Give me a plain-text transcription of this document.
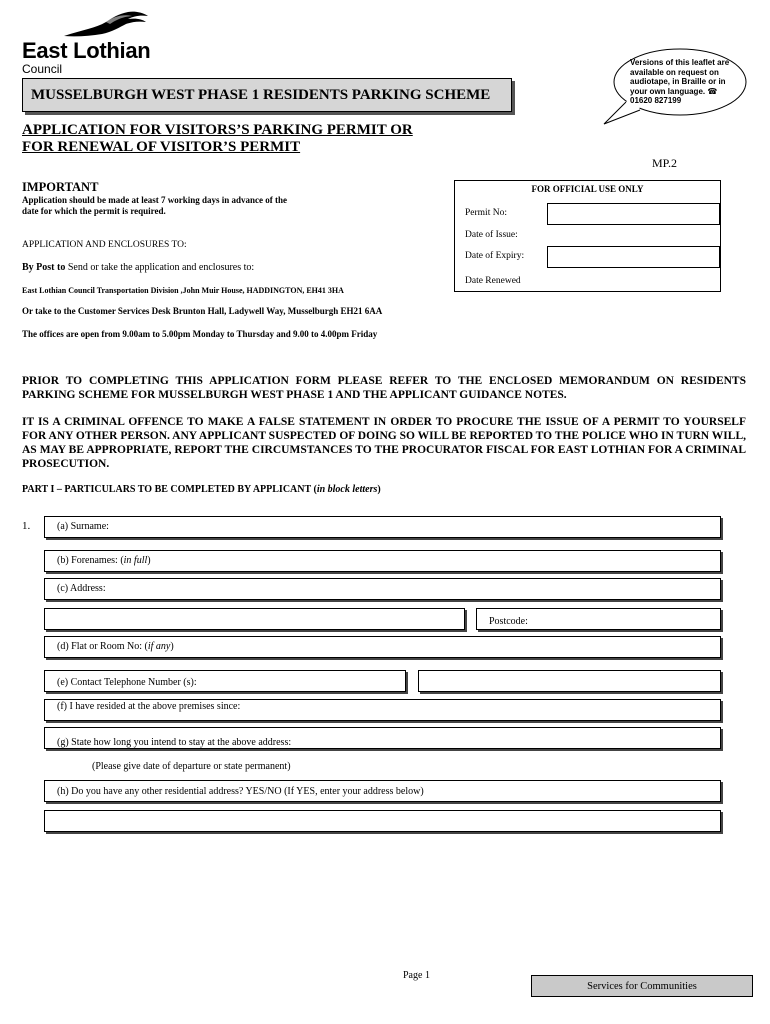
East Lothian
Council	Versions of this leaflet are available on request on audiotape, in Braille or in your own language. ☎ 01620 827199
MUSSELBURGH WEST PHASE 1 RESIDENTS PARKING SCHEME
APPLICATION FOR VISITORS’S PARKING PERMIT OR
FOR RENEWAL OF VISITOR’S PERMIT
MP.2
IMPORTANT
Application should be made at least 7 working days in advance of the
date for which the permit is required.
APPLICATION AND ENCLOSURES TO:
By Post to Send or take the application and enclosures to:
East Lothian Council Transportation Division ,John Muir House, HADDINGTON, EH41 3HA
Or take to the Customer Services Desk Brunton Hall, Ladywell Way, Musselburgh EH21 6AA
The offices are open from 9.00am to 5.00pm Monday to Thursday and 9.00 to 4.00pm Friday
FOR OFFICIAL USE ONLY
Permit No:
Date of Issue:
Date of Expiry:
Date Renewed
PRIOR TO COMPLETING THIS APPLICATION FORM PLEASE REFER TO THE ENCLOSED MEMORANDUM ON RESIDENTS PARKING SCHEME FOR MUSSELBURGH WEST PHASE 1 AND THE APPLICANT GUIDANCE NOTES.
IT IS A CRIMINAL OFFENCE TO MAKE A FALSE STATEMENT IN ORDER TO PROCURE THE ISSUE OF A PERMIT TO YOURSELF FOR ANY OTHER PERSON. ANY APPLICANT SUSPECTED OF DOING SO WILL BE REPORTED TO THE POLICE WHO IN TURN WILL, AS MAY BE APPROPRIATE, REPORT THE CIRCUMSTANCES TO THE PROCURATOR FISCAL FOR EAST LOTHIAN FOR A CRIMINAL PROSECUTION.
PART I – PARTICULARS TO BE COMPLETED BY APPLICANT (in block letters)
1.	(a) Surname:
(b) Forenames: (in full)
(c) Address:
Postcode:
(d) Flat or Room No: (if any)
(e) Contact Telephone Number (s):
(f) I have resided at the above premises since:
(g) State how long you intend to stay at the above address:
(Please give date of departure or state permanent)
(h) Do you have any other residential address? YES/NO (If YES, enter your address below)
Page 1
Services for Communities
